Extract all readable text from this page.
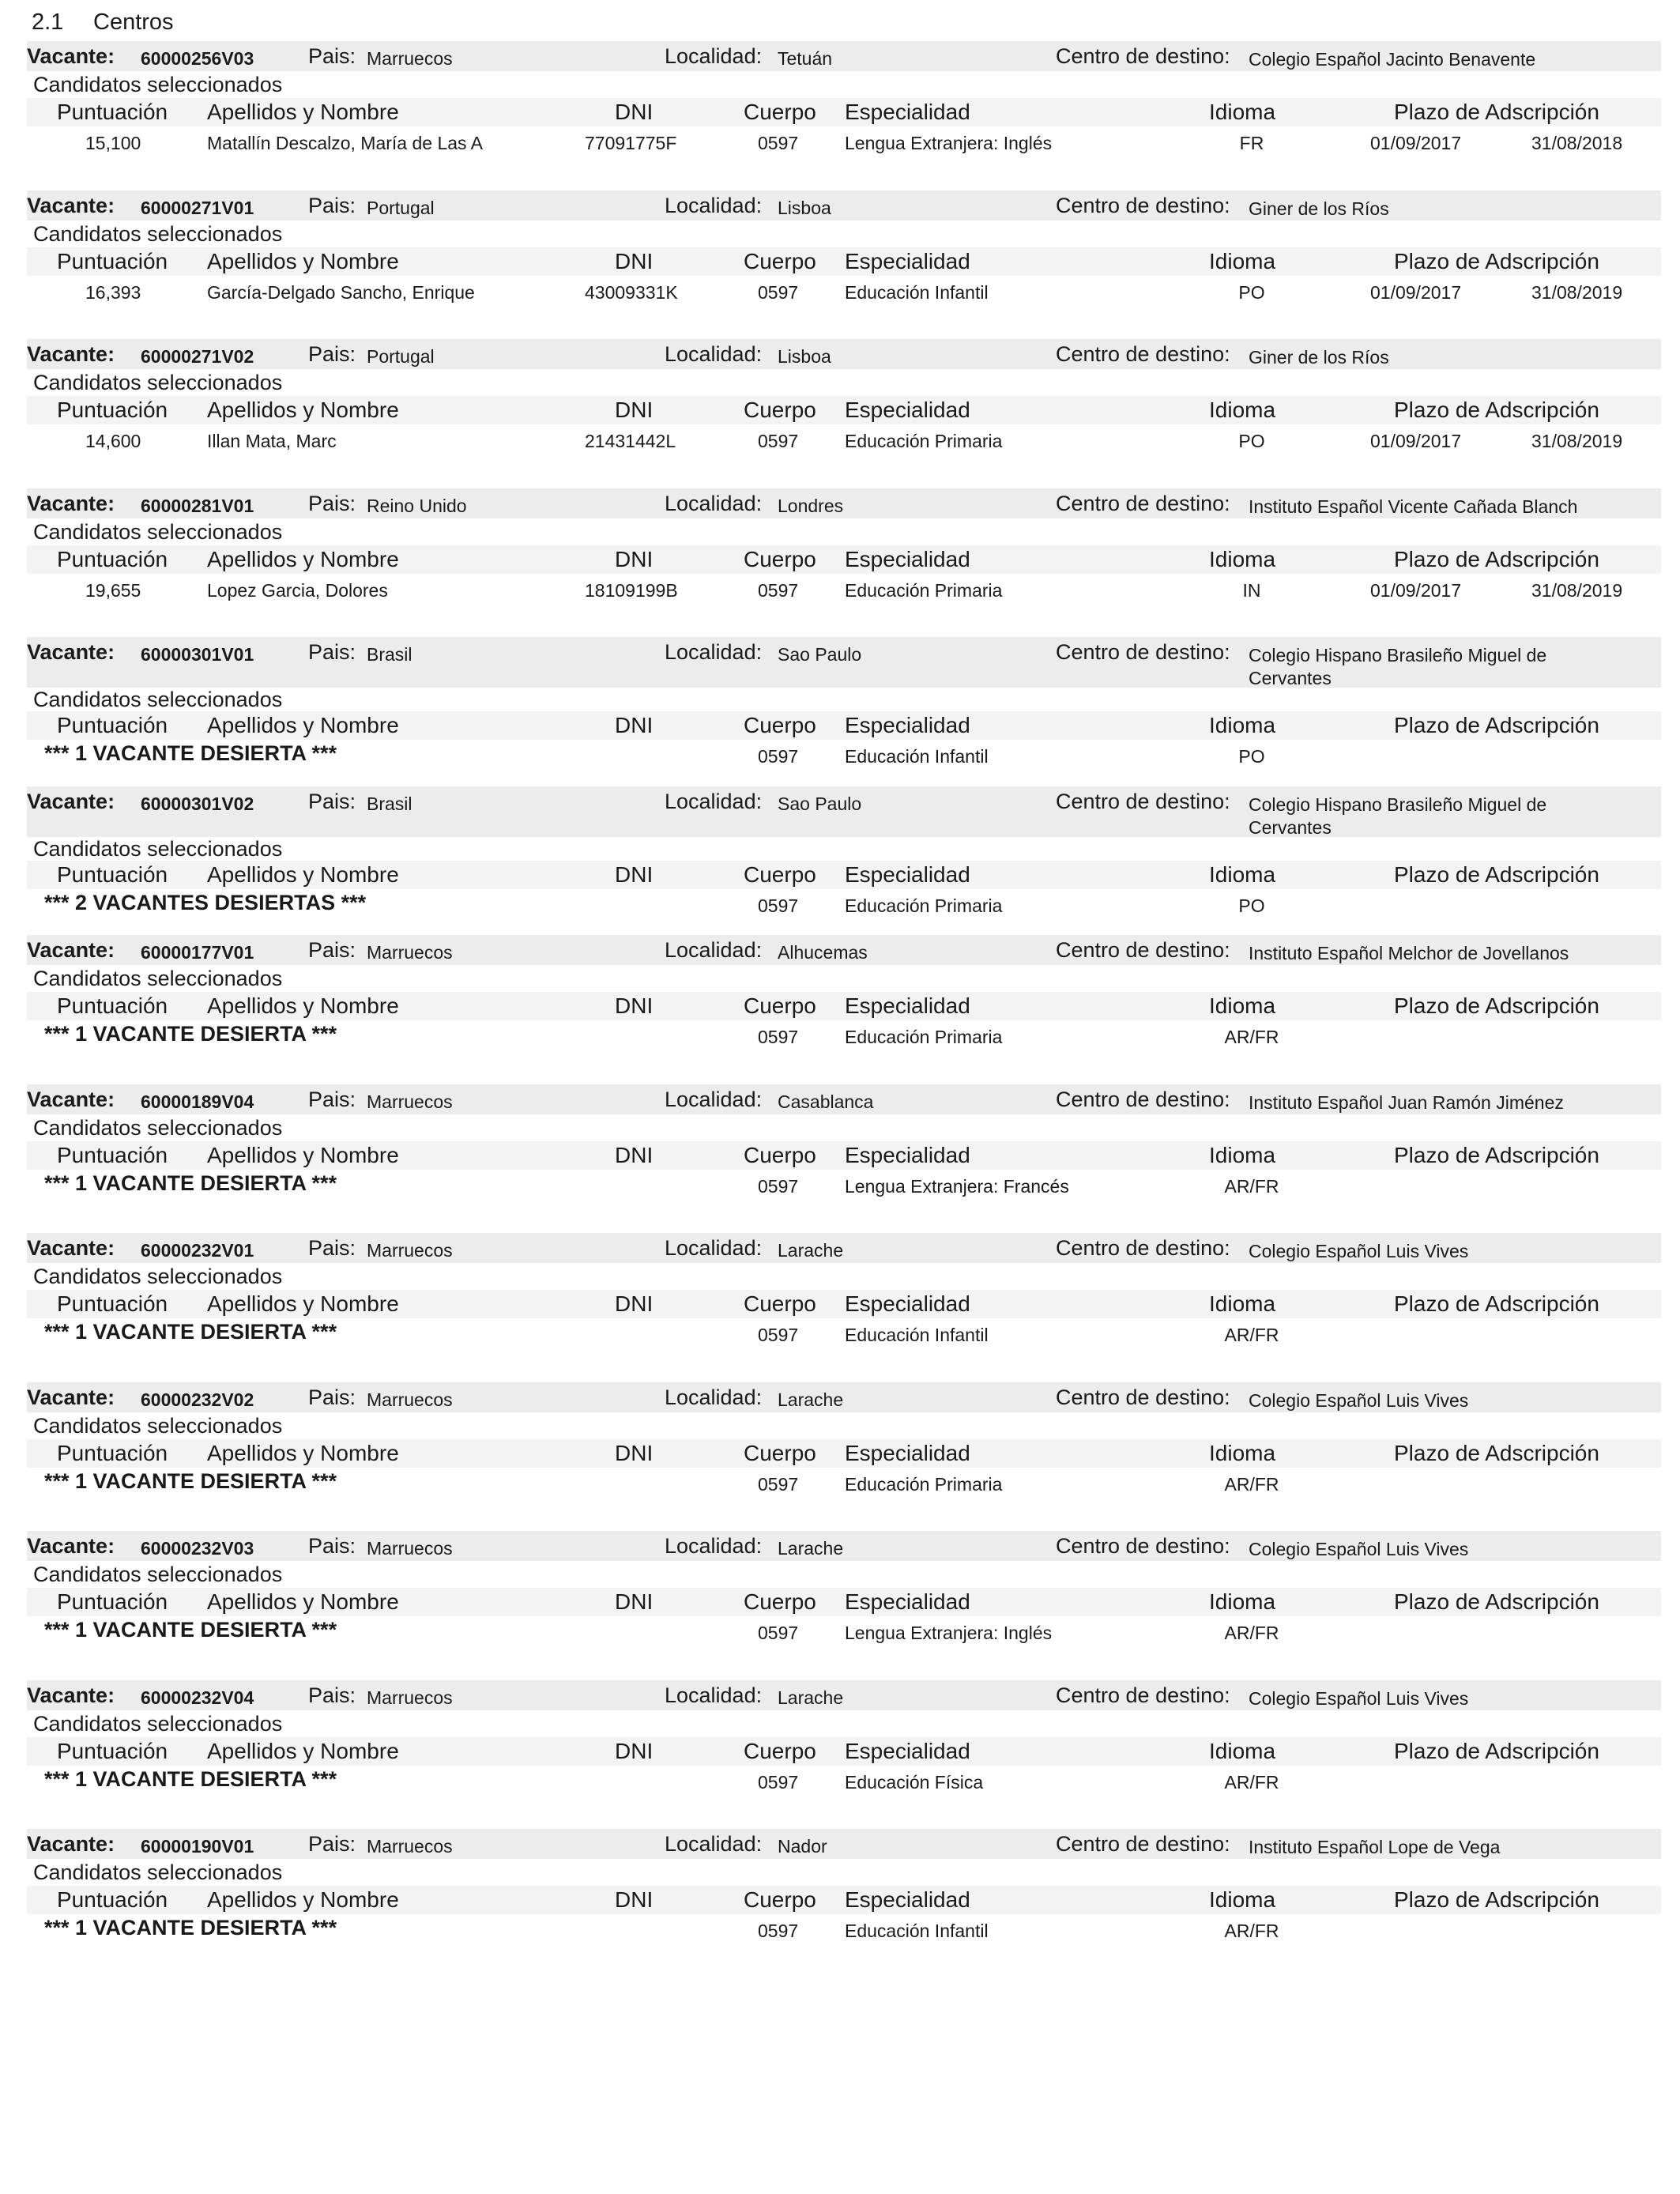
2.1 Centros
Vacante: 60000256V03	Pais: Marruecos	Localidad: Tetuán	Centro de destino: Colegio Español Jacinto Benavente
Candidatos seleccionados
Puntuación Apellidos y Nombre	DNI	Cuerpo Especialidad	Idioma	Plazo de Adscripción
15,100	Matallín Descalzo, María de Las A	77091775F	0597	Lengua Extranjera: Inglés	FR	01/09/2017	31/08/2018
Vacante: 60000271V01	Pais: Portugal	Localidad: Lisboa	Centro de destino: Giner de los Ríos
Candidatos seleccionados
Puntuación Apellidos y Nombre	DNI	Cuerpo Especialidad	Idioma	Plazo de Adscripción
16,393	García-Delgado Sancho, Enrique	43009331K	0597	Educación Infantil	PO	01/09/2017	31/08/2019
Vacante: 60000271V02	Pais: Portugal	Localidad: Lisboa	Centro de destino: Giner de los Ríos
Candidatos seleccionados
Puntuación Apellidos y Nombre	DNI	Cuerpo Especialidad	Idioma	Plazo de Adscripción
14,600	Illan Mata, Marc	21431442L	0597	Educación Primaria	PO	01/09/2017	31/08/2019
Vacante: 60000281V01	Pais: Reino Unido	Localidad: Londres	Centro de destino: Instituto Español Vicente Cañada Blanch
Candidatos seleccionados
Puntuación Apellidos y Nombre	DNI	Cuerpo Especialidad	Idioma	Plazo de Adscripción
19,655	Lopez Garcia, Dolores	18109199B	0597	Educación Primaria	IN	01/09/2017	31/08/2019
Vacante: 60000301V01	Pais: Brasil	Localidad: Sao Paulo	Centro de destino: Colegio Hispano Brasileño Miguel de
Cervantes
Candidatos seleccionados
Puntuación Apellidos y Nombre	DNI	Cuerpo Especialidad	Idioma	Plazo de Adscripción
*** 1 VACANTE DESIERTA ***	0597	Educación Infantil	PO
Vacante: 60000301V02	Pais: Brasil	Localidad: Sao Paulo	Centro de destino: Colegio Hispano Brasileño Miguel de
Cervantes
Candidatos seleccionados
Puntuación Apellidos y Nombre	DNI	Cuerpo Especialidad	Idioma	Plazo de Adscripción
*** 2 VACANTES DESIERTAS ***	0597	Educación Primaria	PO
Vacante: 60000177V01	Pais: Marruecos	Localidad: Alhucemas	Centro de destino: Instituto Español Melchor de Jovellanos
Candidatos seleccionados
Puntuación Apellidos y Nombre	DNI	Cuerpo Especialidad	Idioma	Plazo de Adscripción
*** 1 VACANTE DESIERTA ***	0597	Educación Primaria	AR/FR
Vacante: 60000189V04	Pais: Marruecos	Localidad: Casablanca	Centro de destino: Instituto Español Juan Ramón Jiménez
Candidatos seleccionados
Puntuación Apellidos y Nombre	DNI	Cuerpo Especialidad	Idioma	Plazo de Adscripción
*** 1 VACANTE DESIERTA ***	0597	Lengua Extranjera: Francés	AR/FR
Vacante: 60000232V01	Pais: Marruecos	Localidad: Larache	Centro de destino: Colegio Español Luis Vives
Candidatos seleccionados
Puntuación Apellidos y Nombre	DNI	Cuerpo Especialidad	Idioma	Plazo de Adscripción
*** 1 VACANTE DESIERTA ***	0597	Educación Infantil	AR/FR
Vacante: 60000232V02	Pais: Marruecos	Localidad: Larache	Centro de destino: Colegio Español Luis Vives
Candidatos seleccionados
Puntuación Apellidos y Nombre	DNI	Cuerpo Especialidad	Idioma	Plazo de Adscripción
*** 1 VACANTE DESIERTA ***	0597	Educación Primaria	AR/FR
Vacante: 60000232V03	Pais: Marruecos	Localidad: Larache	Centro de destino: Colegio Español Luis Vives
Candidatos seleccionados
Puntuación Apellidos y Nombre	DNI	Cuerpo Especialidad	Idioma	Plazo de Adscripción
*** 1 VACANTE DESIERTA ***	0597	Lengua Extranjera: Inglés	AR/FR
Vacante: 60000232V04	Pais: Marruecos	Localidad: Larache	Centro de destino: Colegio Español Luis Vives
Candidatos seleccionados
Puntuación Apellidos y Nombre	DNI	Cuerpo Especialidad	Idioma	Plazo de Adscripción
*** 1 VACANTE DESIERTA ***	0597	Educación Física	AR/FR
Vacante: 60000190V01	Pais: Marruecos	Localidad: Nador	Centro de destino: Instituto Español Lope de Vega
Candidatos seleccionados
Puntuación Apellidos y Nombre	DNI	Cuerpo Especialidad	Idioma	Plazo de Adscripción
*** 1 VACANTE DESIERTA ***	0597	Educación Infantil	AR/FR
